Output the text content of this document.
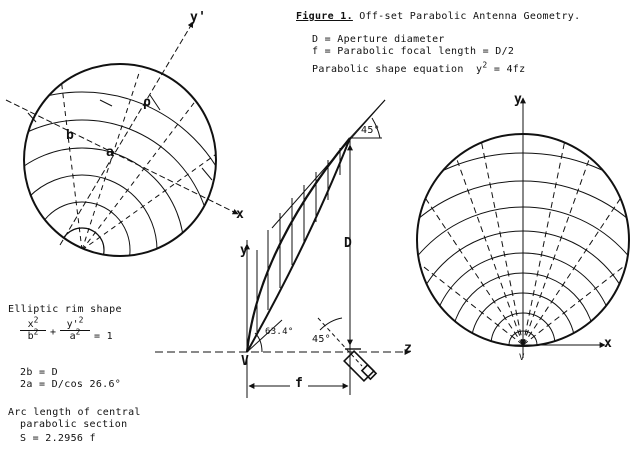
Figure 1. Off-set Parabolic Antenna Geometry.
D = Aperture diameter
f = Parabolic focal length = D/2
Parabolic shape equation $y^2 = 4fz$
y'
ρ
a
b
x
45°
D
y
63.4°
45°
z
V
f
y
x
V
Elliptic rim shape
$\frac{x^2}{b^2} + \frac{y'^2}{a^2} = 1$
2b = D
2a = D/cos 26.6°
Arc length of central
parabolic section
S = 2.2956 f
